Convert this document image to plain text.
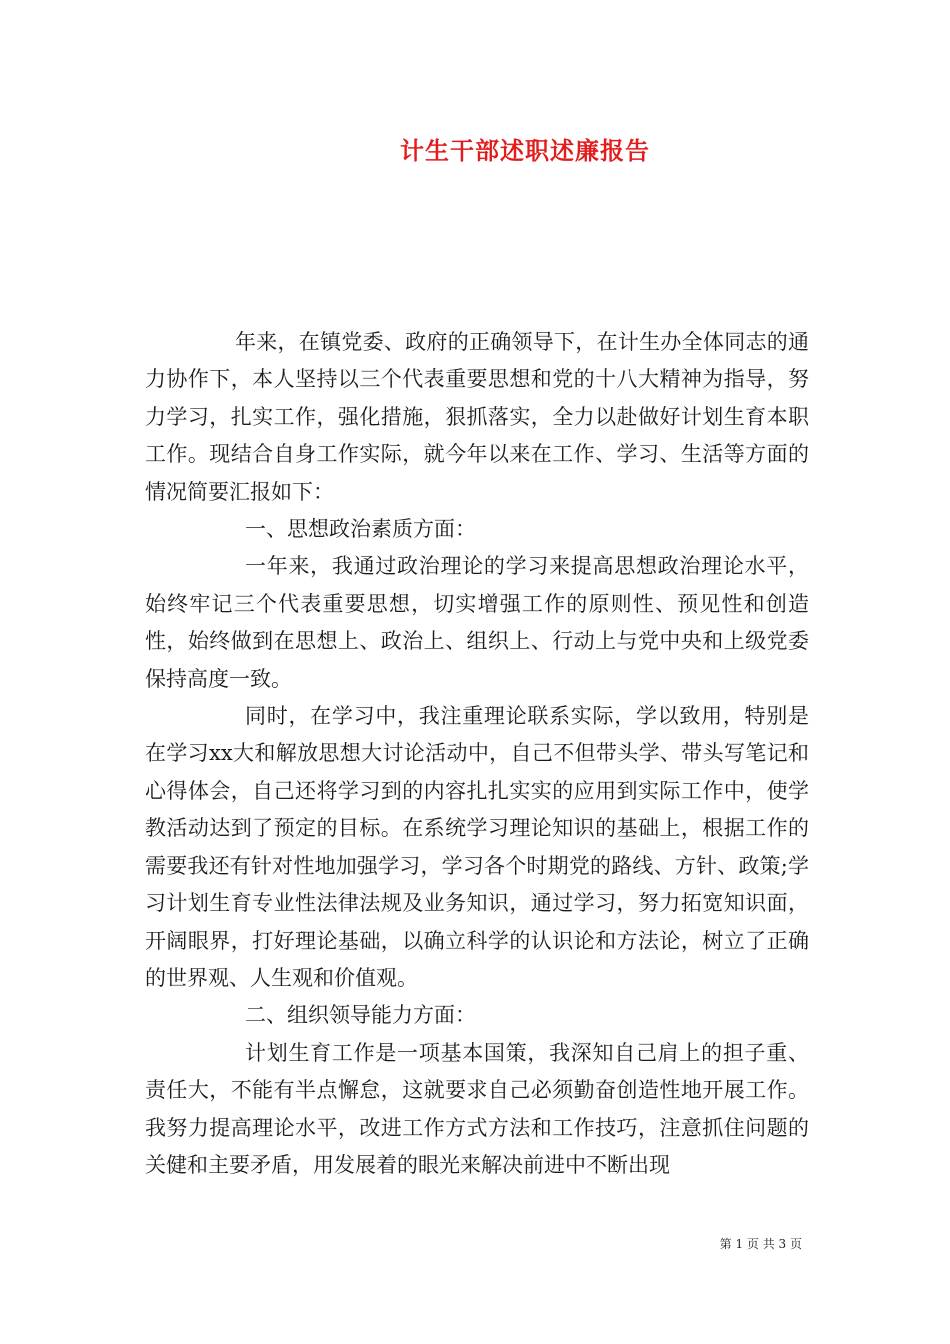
计生干部述职述廉报告

年来，在镇党委、政府的正确领导下，在计生办全体同志的通力协作下，本人坚持以三个代表重要思想和党的十八大精神为指导，努力学习，扎实工作，强化措施，狠抓落实，全力以赴做好计划生育本职工作。现结合自身工作实际，就今年以来在工作、学习、生活等方面的情况简要汇报如下：

一、思想政治素质方面：

一年来，我通过政治理论的学习来提高思想政治理论水平，始终牢记三个代表重要思想，切实增强工作的原则性、预见性和创造性，始终做到在思想上、政治上、组织上、行动上与党中央和上级党委保持高度一致。

同时，在学习中，我注重理论联系实际，学以致用，特别是在学习xx大和解放思想大讨论活动中，自己不但带头学、带头写笔记和心得体会，自己还将学习到的内容扎扎实实的应用到实际工作中，使学教活动达到了预定的目标。在系统学习理论知识的基础上，根据工作的需要我还有针对性地加强学习，学习各个时期党的路线、方针、政策;学习计划生育专业性法律法规及业务知识，通过学习，努力拓宽知识面，开阔眼界，打好理论基础，以确立科学的认识论和方法论，树立了正确的世界观、人生观和价值观。

二、组织领导能力方面：

计划生育工作是一项基本国策，我深知自己肩上的担子重、责任大，不能有半点懈怠，这就要求自己必须勤奋创造性地开展工作。我努力提高理论水平，改进工作方式方法和工作技巧，注意抓住问题的关健和主要矛盾，用发展着的眼光来解决前进中不断出现

第 1 页 共 3 页
